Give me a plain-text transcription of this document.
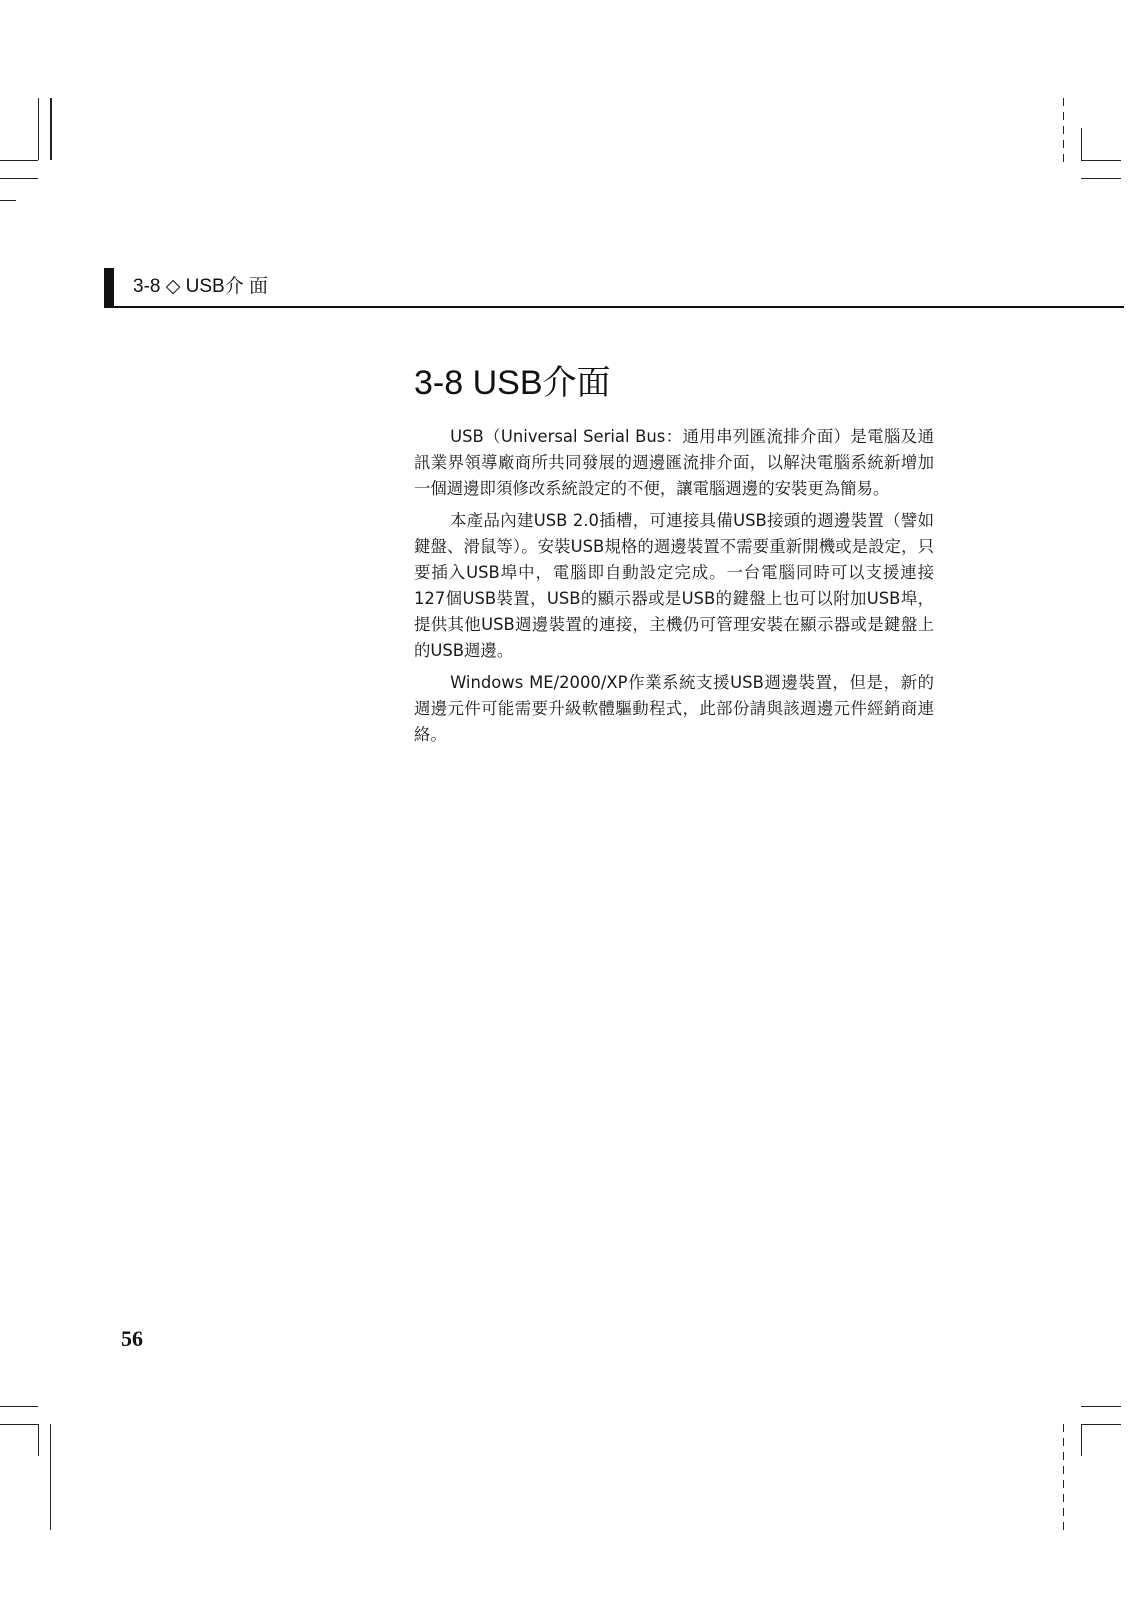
3-8 ◇ USB介 面
3-8 USB介面

USB（Universal Serial Bus：通用串列匯流排介面）是電腦及通訊業界領導廠商所共同發展的週邊匯流排介面，以解決電腦系統新增加一個週邊即須修改系統設定的不便，讓電腦週邊的安裝更為簡易。

本產品內建USB 2.0插槽，可連接具備USB接頭的週邊裝置（譬如鍵盤、滑鼠等）。安裝USB規格的週邊裝置不需要重新開機或是設定，只要插入USB埠中，電腦即自動設定完成。一台電腦同時可以支援連接127個USB裝置，USB的顯示器或是USB的鍵盤上也可以附加USB埠，提供其他USB週邊裝置的連接，主機仍可管理安裝在顯示器或是鍵盤上的USB週邊。

Windows ME/2000/XP作業系統支援USB週邊裝置，但是，新的週邊元件可能需要升級軟體驅動程式，此部份請與該週邊元件經銷商連絡。

56
